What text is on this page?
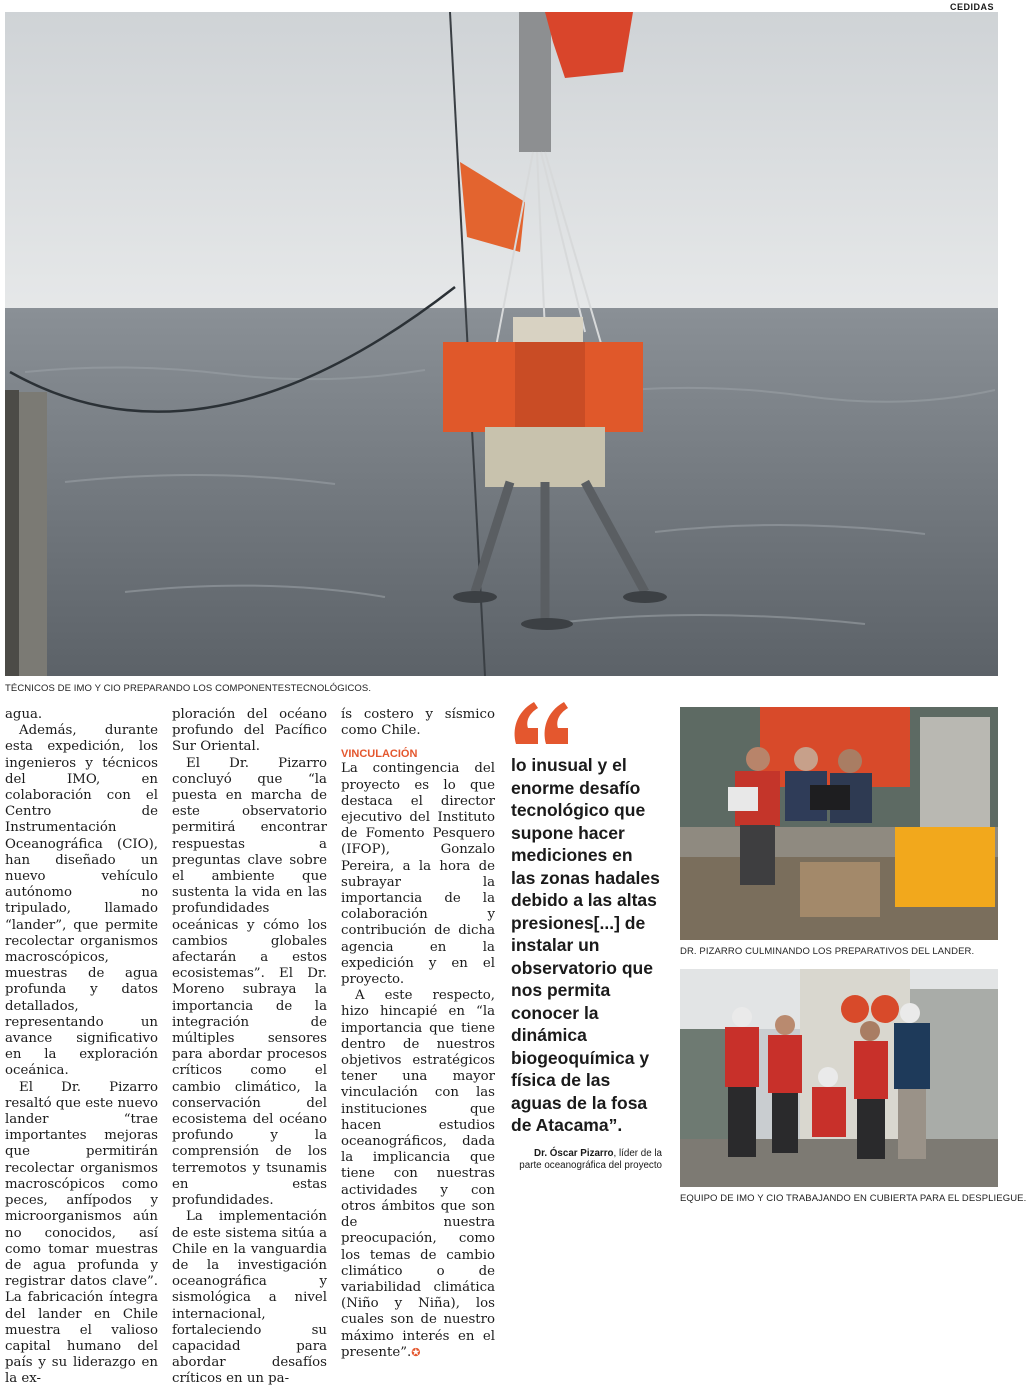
CEDIDAS
TÉCNICOS DE IMO Y CIO PREPARANDO LOS COMPONENTESTECNOLÓGICOS.

agua.

Además, durante esta expedición, los ingenieros y técnicos del IMO, en colaboración con el Centro de Instrumentación Oceanográfica (CIO), han diseñado un nuevo vehículo autónomo no tripulado, llamado “lander”, que permite recolectar organismos macroscópicos, muestras de agua profunda y datos detallados, representando un avance significativo en la exploración oceánica.

El Dr. Pizarro resaltó que este nuevo lander “trae importantes mejoras que permitirán recolectar organismos macroscópicos como peces, anfípodos y microorganismos aún no conocidos, así como tomar muestras de agua profunda y registrar datos clave”. La fabricación íntegra del lander en Chile muestra el valioso capital humano del país y su liderazgo en la ex-

ploración del océano profundo del Pacífico Sur Oriental.

El Dr. Pizarro concluyó que “la puesta en marcha de este observatorio permitirá encontrar respuestas a preguntas clave sobre el ambiente que sustenta la vida en las profundidades oceánicas y cómo los cambios globales afectarán a estos ecosistemas”. El Dr. Moreno subraya la importancia de la integración de múltiples sensores para abordar procesos críticos como el cambio climático, la conservación del ecosistema del océano profundo y la comprensión de los terremotos y tsunamis en estas profundidades.

La implementación de este sistema sitúa a Chile en la vanguardia de la investigación oceanográfica y sismológica a nivel internacional, fortaleciendo su capacidad para abordar desafíos críticos en un pa-

ís costero y sísmico como Chile.

VINCULACIÓN

La contingencia del proyecto es lo que destaca el director ejecutivo del Instituto de Fomento Pesquero (IFOP), Gonzalo Pereira, a la hora de subrayar la importancia de la colaboración y contribución de dicha agencia en la expedición y en el proyecto.

A este respecto, hizo hincapié en “la importancia que tiene dentro de nuestros objetivos estratégicos tener una mayor vinculación con las instituciones que hacen estudios oceanográficos, dada la implicancia que tiene con nuestras actividades y con otros ámbitos que son de nuestra preocupación, como los temas de cambio climático o de variabilidad climática (Niño y Niña), los cuales son de nuestro máximo interés en el presente”.✪

lo inusual y el enorme desafío tecnológico que supone hacer mediciones en las zonas hadales debido a las altas presiones[...] de instalar un observatorio que nos permita conocer la dinámica biogeoquímica y física de las aguas de la fosa de Atacama”.
Dr. Óscar Pizarro, líder de la parte oceanográfica del proyecto
DR. PIZARRO CULMINANDO LOS PREPARATIVOS DEL LANDER.
EQUIPO DE IMO Y CIO TRABAJANDO EN CUBIERTA PARA EL DESPLIEGUE.
